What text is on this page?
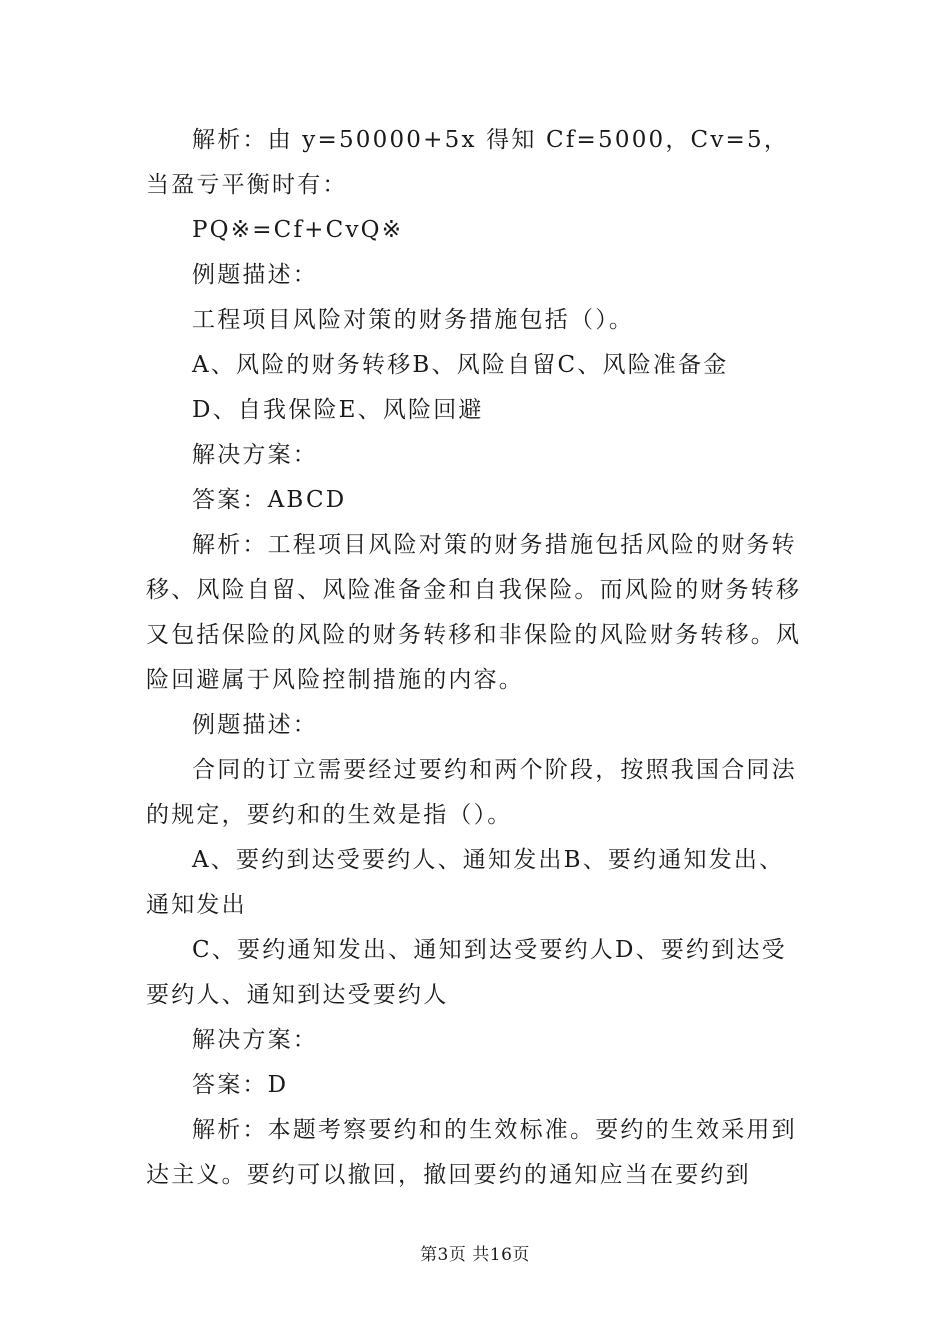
解析：由 y=50000+5x 得知 Cf=5000，Cv=5，当盈亏平衡时有：

PQ※=Cf+CvQ※

例题描述：

工程项目风险对策的财务措施包括（）。

A、风险的财务转移B、风险自留C、风险准备金

D、自我保险E、风险回避

解决方案：

答案：ABCD

解析：工程项目风险对策的财务措施包括风险的财务转移、风险自留、风险准备金和自我保险。而风险的财务转移又包括保险的风险的财务转移和非保险的风险财务转移。风险回避属于风险控制措施的内容。

例题描述：

合同的订立需要经过要约和两个阶段，按照我国合同法的规定，要约和的生效是指（）。

A、要约到达受要约人、通知发出B、要约通知发出、通知发出

C、要约通知发出、通知到达受要约人D、要约到达受要约人、通知到达受要约人

解决方案：

答案：D

解析：本题考察要约和的生效标准。要约的生效采用到达主义。要约可以撤回，撤回要约的通知应当在要约到

第3页 共16页
